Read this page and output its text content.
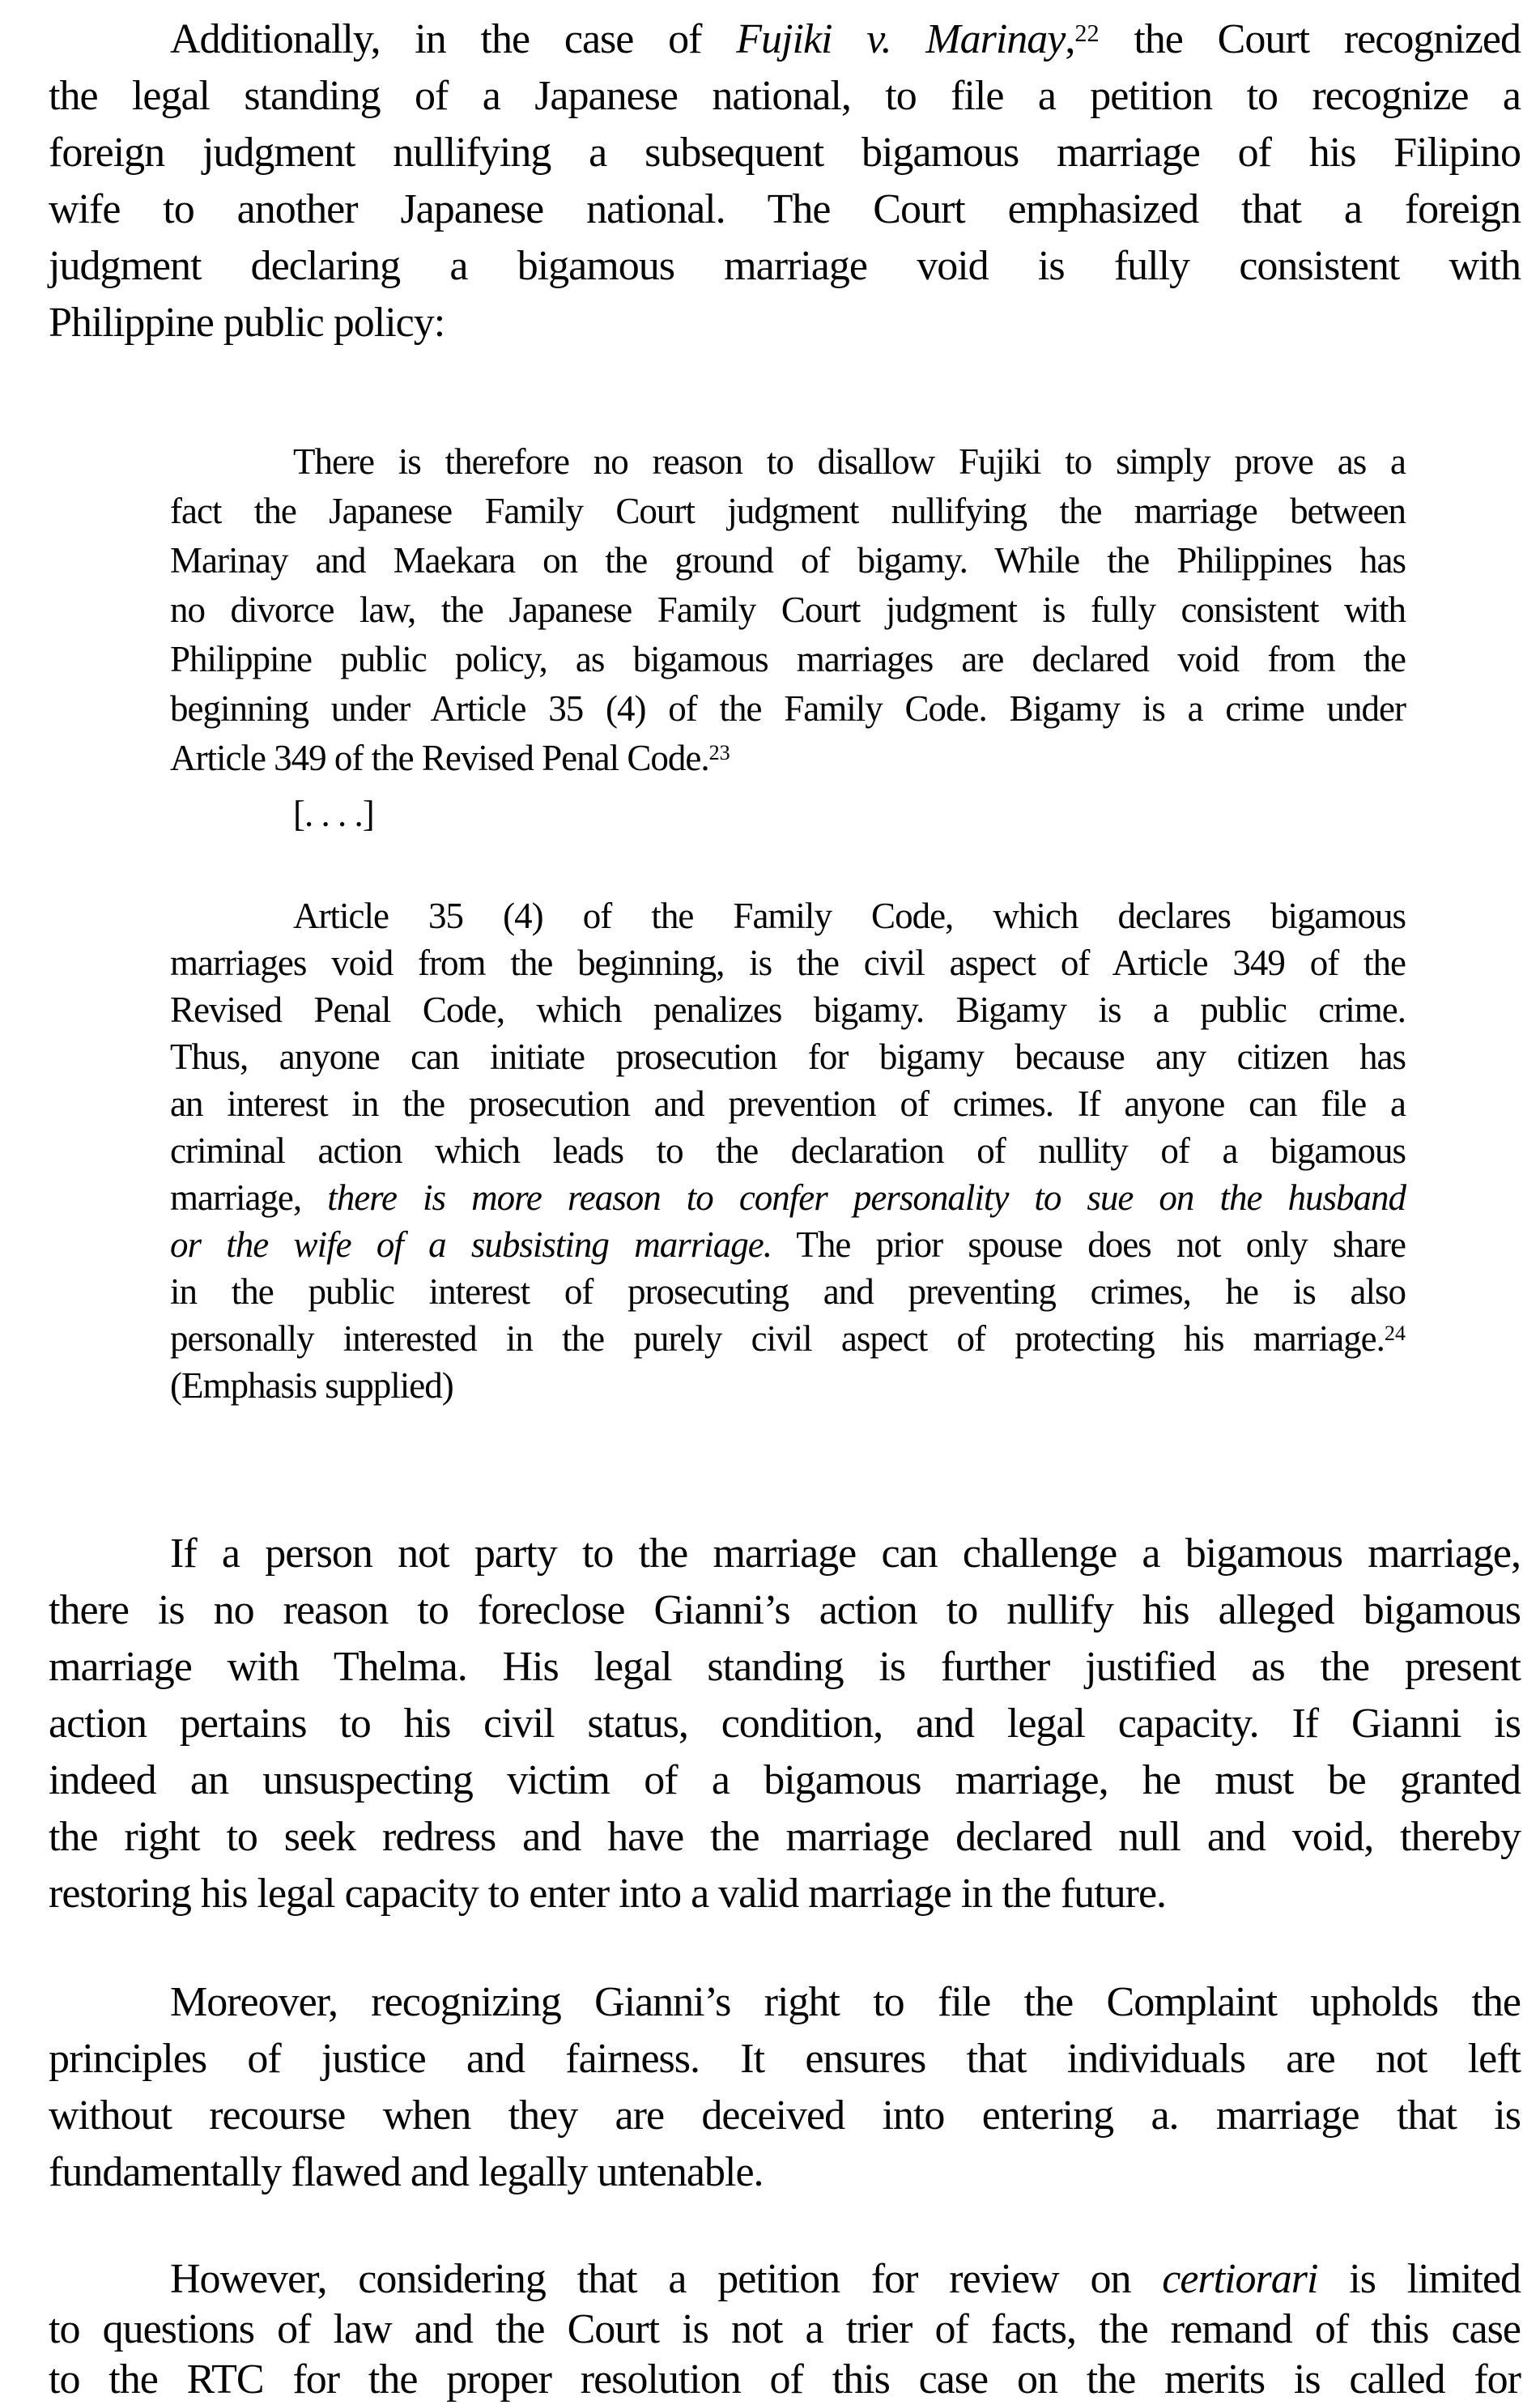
Additionally, in the case of Fujiki v. Marinay,$^{22}$ the Court recognized
the legal standing of a Japanese national, to file a petition to recognize a
foreign judgment nullifying a subsequent bigamous marriage of his Filipino
wife to another Japanese national. The Court emphasized that a foreign
judgment declaring a bigamous marriage void is fully consistent with
Philippine public policy:
There is therefore no reason to disallow Fujiki to simply prove as a
fact the Japanese Family Court judgment nullifying the marriage between
Marinay and Maekara on the ground of bigamy. While the Philippines has
no divorce law, the Japanese Family Court judgment is fully consistent with
Philippine public policy, as bigamous marriages are declared void from the
beginning under Article 35 (4) of the Family Code. Bigamy is a crime under
Article 349 of the Revised Penal Code.$^{23}$
[. . . .]
Article 35 (4) of the Family Code, which declares bigamous
marriages void from the beginning, is the civil aspect of Article 349 of the
Revised Penal Code, which penalizes bigamy. Bigamy is a public crime.
Thus, anyone can initiate prosecution for bigamy because any citizen has
an interest in the prosecution and prevention of crimes. If anyone can file a
criminal action which leads to the declaration of nullity of a bigamous
marriage, there is more reason to confer personality to sue on the husband
or the wife of a subsisting marriage. The prior spouse does not only share
in the public interest of prosecuting and preventing crimes, he is also
personally interested in the purely civil aspect of protecting his marriage.$^{24}$
(Emphasis supplied)
If a person not party to the marriage can challenge a bigamous marriage,
there is no reason to foreclose Gianni’s action to nullify his alleged bigamous
marriage with Thelma. His legal standing is further justified as the present
action pertains to his civil status, condition, and legal capacity. If Gianni is
indeed an unsuspecting victim of a bigamous marriage, he must be granted
the right to seek redress and have the marriage declared null and void, thereby
restoring his legal capacity to enter into a valid marriage in the future.
Moreover, recognizing Gianni’s right to file the Complaint upholds the
principles of justice and fairness. It ensures that individuals are not left
without recourse when they are deceived into entering a. marriage that is
fundamentally flawed and legally untenable.
However, considering that a petition for review on certiorari is limited
to questions of law and the Court is not a trier of facts, the remand of this case
to the RTC for the proper resolution of this case on the merits is called for
